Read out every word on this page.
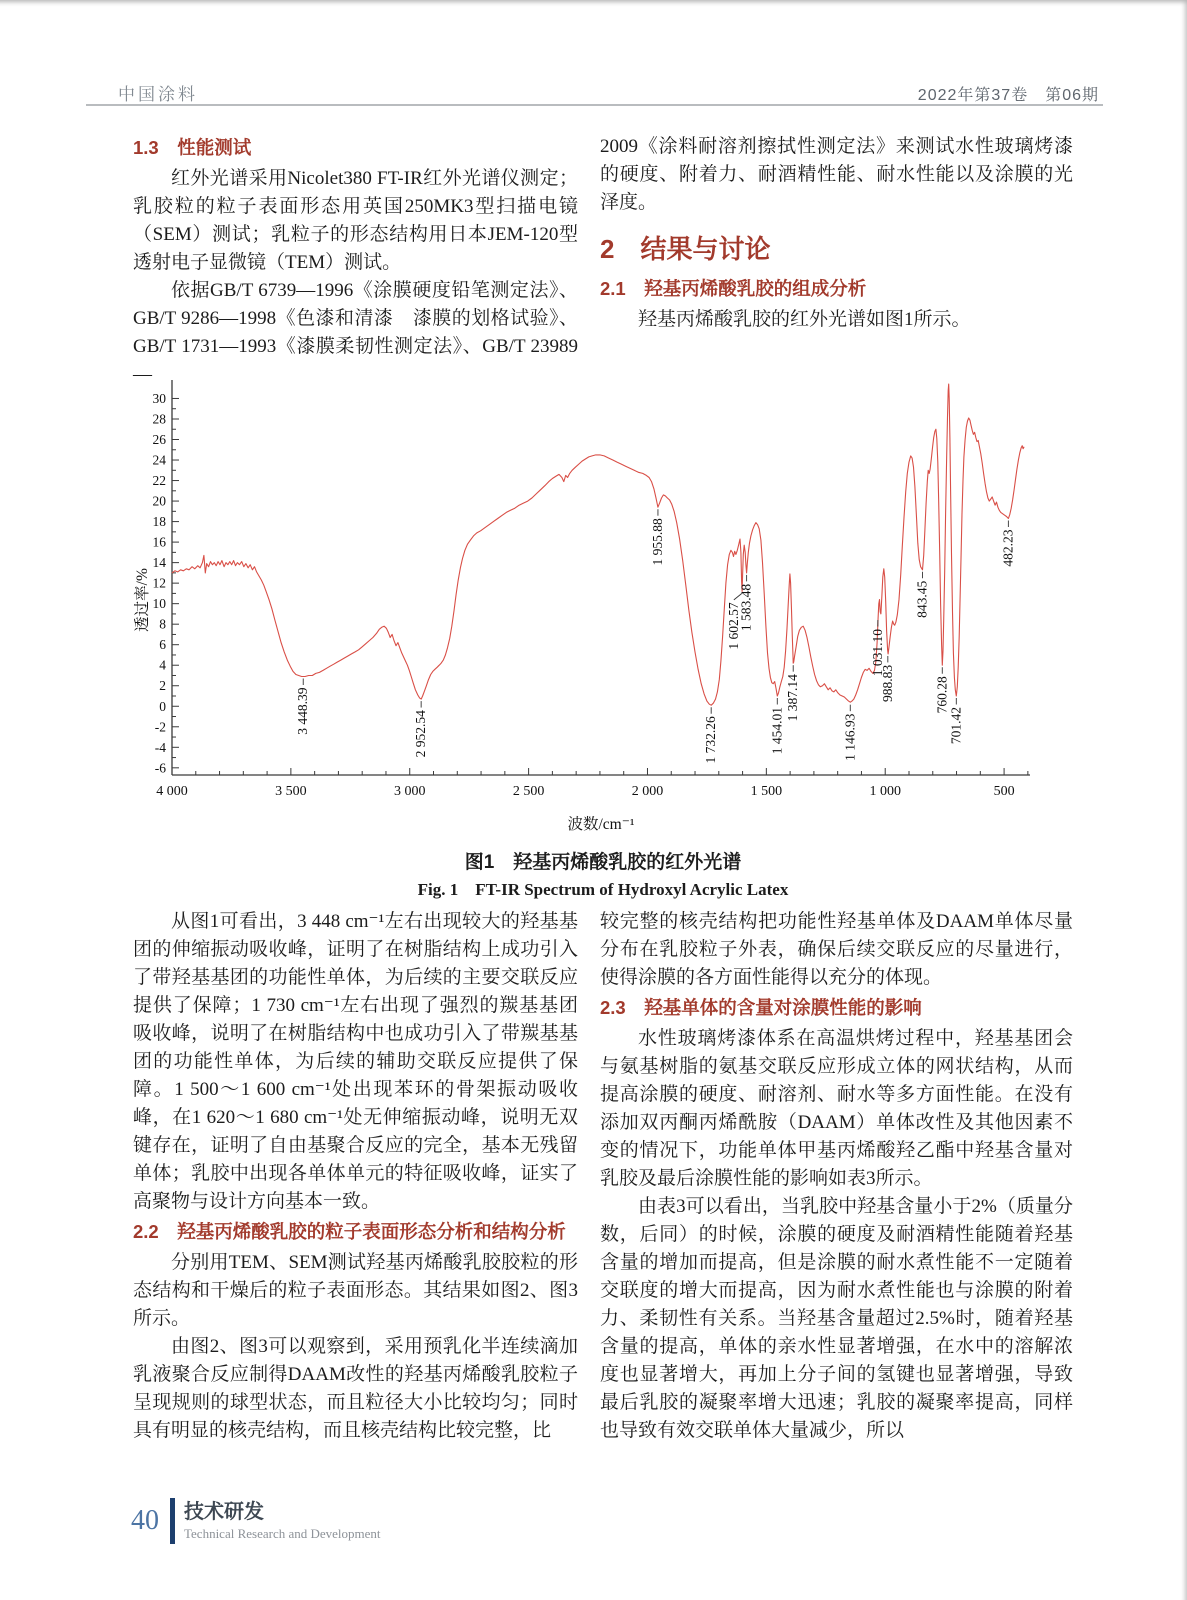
中国涂料	2022年第37卷 第06期
1.3 性能测试

红外光谱采用Nicolet380 FT-IR红外光谱仪测定；乳胶粒的粒子表面形态用英国250MK3型扫描电镜（SEM）测试；乳粒子的形态结构用日本JEM-120型透射电子显微镜（TEM）测试。

依据GB/T 6739—1996《涂膜硬度铅笔测定法》、GB/T 9286—1998《色漆和清漆 漆膜的划格试验》、GB/T 1731—1993《漆膜柔韧性测定法》、GB/T 23989—

2009《涂料耐溶剂擦拭性测定法》来测试水性玻璃烤漆的硬度、附着力、耐酒精性能、耐水性能以及涂膜的光泽度。

2 结果与讨论
2.1 羟基丙烯酸乳胶的组成分析

羟基丙烯酸乳胶的红外光谱如图1所示。

-6
-4
-2
0
2
4
6
8
10
12
14
16
18
20
22
24
26
28
30
4 000	3 500	3 000	2 500	2 000	1 500	1 000	500
波数/cm⁻¹
透过率/%
3 448.39	2 952.54
1 955.88
1 732.26
1 602.57
1 583.48
1 454.01
1 387.14
1 146.93
1 031.10
988.83
843.45
760.28
701.42
482.23
图1 羟基丙烯酸乳胶的红外光谱
Fig. 1 FT-IR Spectrum of Hydroxyl Acrylic Latex

从图1可看出，3 448 cm⁻¹左右出现较大的羟基基团的伸缩振动吸收峰，证明了在树脂结构上成功引入了带羟基基团的功能性单体，为后续的主要交联反应提供了保障；1 730 cm⁻¹左右出现了强烈的羰基基团吸收峰，说明了在树脂结构中也成功引入了带羰基基团的功能性单体，为后续的辅助交联反应提供了保障。1 500～1 600 cm⁻¹处出现苯环的骨架振动吸收峰，在1 620～1 680 cm⁻¹处无伸缩振动峰，说明无双键存在，证明了自由基聚合反应的完全，基本无残留单体；乳胶中出现各单体单元的特征吸收峰，证实了高聚物与设计方向基本一致。

2.2 羟基丙烯酸乳胶的粒子表面形态分析和结构分析

分别用TEM、SEM测试羟基丙烯酸乳胶胶粒的形态结构和干燥后的粒子表面形态。其结果如图2、图3所示。

由图2、图3可以观察到，采用预乳化半连续滴加乳液聚合反应制得DAAM改性的羟基丙烯酸乳胶粒子呈现规则的球型状态，而且粒径大小比较均匀；同时具有明显的核壳结构，而且核壳结构比较完整，比

较完整的核壳结构把功能性羟基单体及DAAM单体尽量分布在乳胶粒子外表，确保后续交联反应的尽量进行，使得涂膜的各方面性能得以充分的体现。

2.3 羟基单体的含量对涂膜性能的影响

水性玻璃烤漆体系在高温烘烤过程中，羟基基团会与氨基树脂的氨基交联反应形成立体的网状结构，从而提高涂膜的硬度、耐溶剂、耐水等多方面性能。在没有添加双丙酮丙烯酰胺（DAAM）单体改性及其他因素不变的情况下，功能单体甲基丙烯酸羟乙酯中羟基含量对乳胶及最后涂膜性能的影响如表3所示。

由表3可以看出，当乳胶中羟基含量小于2%（质量分数，后同）的时候，涂膜的硬度及耐酒精性能随着羟基含量的增加而提高，但是涂膜的耐水煮性能不一定随着交联度的增大而提高，因为耐水煮性能也与涂膜的附着力、柔韧性有关系。当羟基含量超过2.5%时，随着羟基含量的提高，单体的亲水性显著增强，在水中的溶解浓度也显著增大，再加上分子间的氢键也显著增强，导致最后乳胶的凝聚率增大迅速；乳胶的凝聚率提高，同样也导致有效交联单体大量减少，所以

40 技术研发
Technical Research and Development
